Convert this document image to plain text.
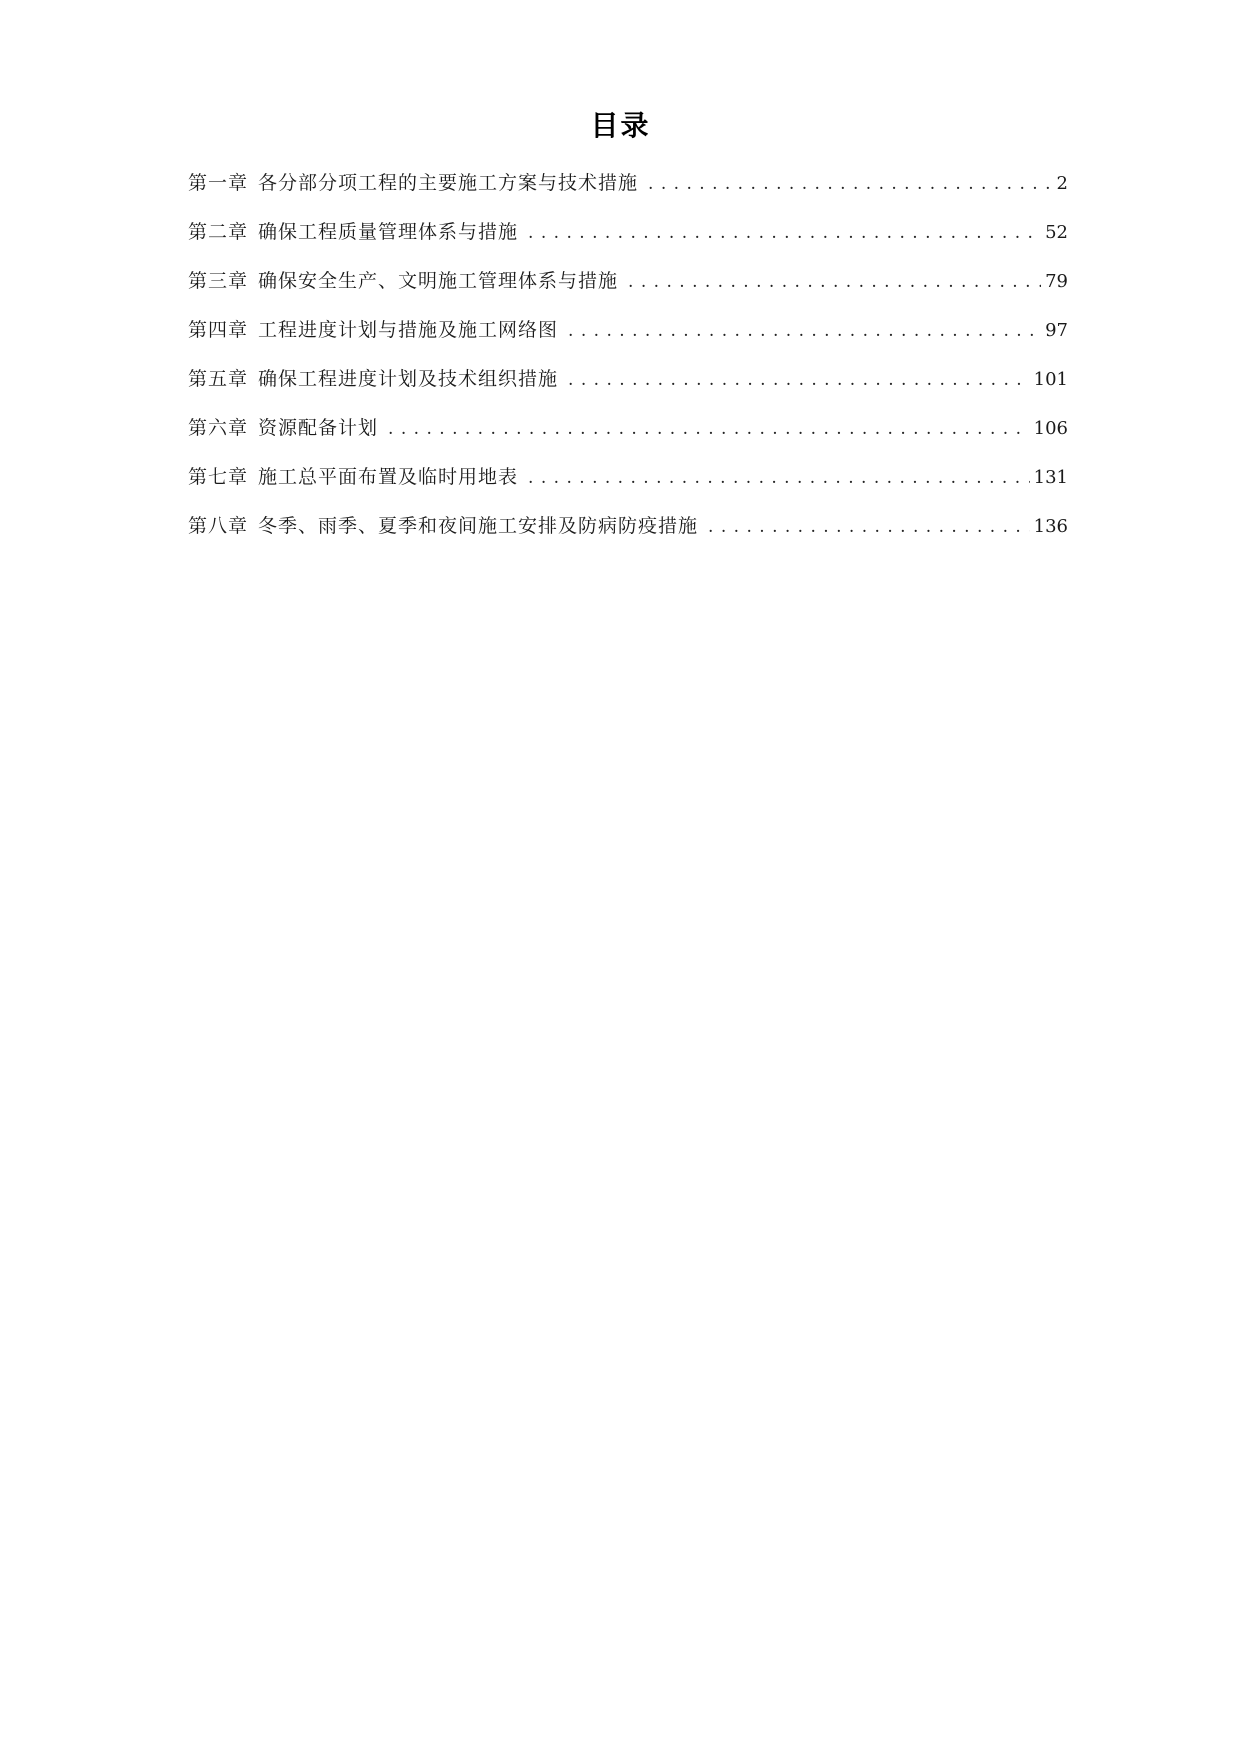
目录
第一章 各分部分项工程的主要施工方案与技术措施 . . .	2
第二章 确保工程质量管理体系与措施 . . .	52
第三章 确保安全生产、文明施工管理体系与措施 . . .	79
第四章 工程进度计划与措施及施工网络图 . . .	97
第五章 确保工程进度计划及技术组织措施 . . .	101
第六章 资源配备计划 . . .	106
第七章 施工总平面布置及临时用地表 . . .	131
第八章 冬季、雨季、夏季和夜间施工安排及防病防疫措施 . . .	136
